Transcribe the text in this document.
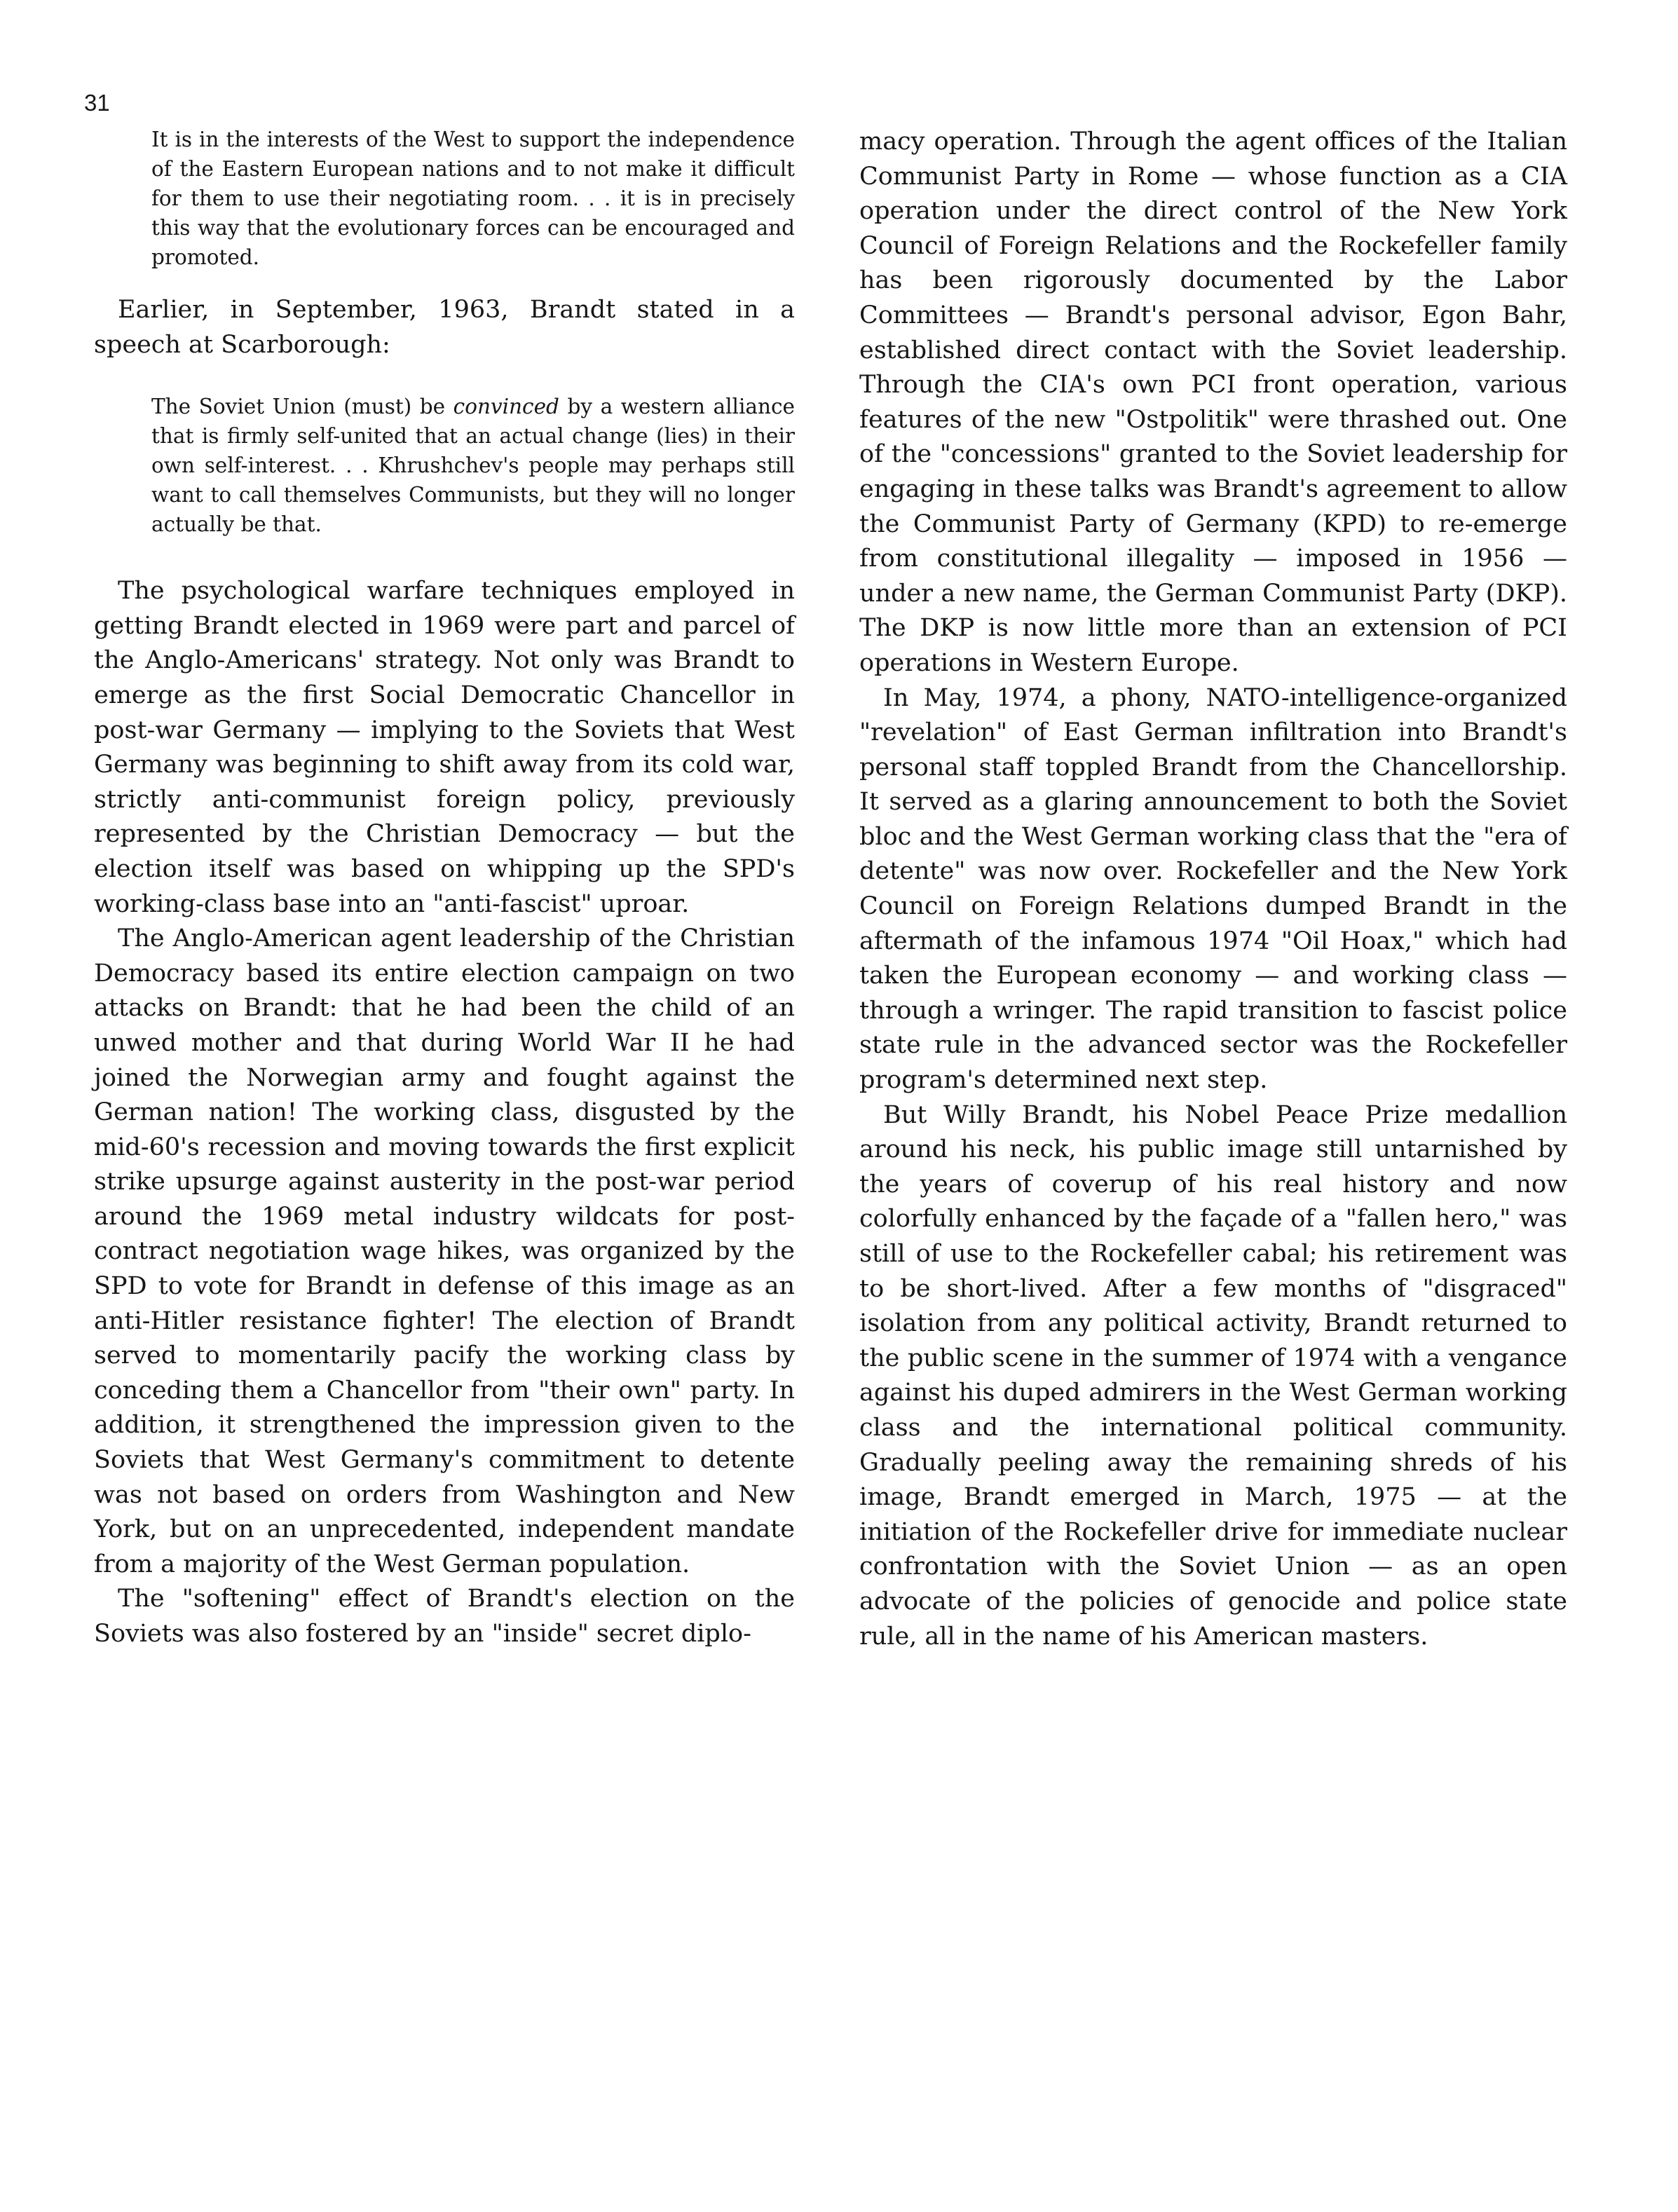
31

It is in the interests of the West to support the independence of the Eastern European nations and to not make it difficult for them to use their negotiating room. . . it is in precisely this way that the evolutionary forces can be encouraged and promoted.

Earlier, in September, 1963, Brandt stated in a speech at Scarborough:

The Soviet Union (must) be convinced by a western alliance that is firmly self-united that an actual change (lies) in their own self-interest. . . Khrushchev's people may perhaps still want to call themselves Communists, but they will no longer actually be that.

The psychological warfare techniques employed in getting Brandt elected in 1969 were part and parcel of the Anglo-Americans' strategy. Not only was Brandt to emerge as the first Social Democratic Chancellor in post-war Germany — implying to the Soviets that West Germany was beginning to shift away from its cold war, strictly anti-communist foreign policy, previously represented by the Christian Democracy — but the election itself was based on whipping up the SPD's working-class base into an "anti-fascist" uproar.

The Anglo-American agent leadership of the Christian Democracy based its entire election campaign on two attacks on Brandt: that he had been the child of an unwed mother and that during World War II he had joined the Norwegian army and fought against the German nation! The working class, disgusted by the mid-60's recession and moving towards the first explicit strike upsurge against austerity in the post-war period around the 1969 metal industry wildcats for post-contract negotiation wage hikes, was organized by the SPD to vote for Brandt in defense of this image as an anti-Hitler resistance fighter! The election of Brandt served to momentarily pacify the working class by conceding them a Chancellor from "their own" party. In addition, it strengthened the impression given to the Soviets that West Germany's commitment to detente was not based on orders from Washington and New York, but on an unprecedented, independent mandate from a majority of the West German population.

The "softening" effect of Brandt's election on the Soviets was also fostered by an "inside" secret diplo-

macy operation. Through the agent offices of the Italian Communist Party in Rome — whose function as a CIA operation under the direct control of the New York Council of Foreign Relations and the Rockefeller family has been rigorously documented by the Labor Committees — Brandt's personal advisor, Egon Bahr, established direct contact with the Soviet leadership. Through the CIA's own PCI front operation, various features of the new "Ostpolitik" were thrashed out. One of the "concessions" granted to the Soviet leadership for engaging in these talks was Brandt's agreement to allow the Communist Party of Germany (KPD) to re-emerge from constitutional illegality — imposed in 1956 — under a new name, the German Communist Party (DKP). The DKP is now little more than an extension of PCI operations in Western Europe.

In May, 1974, a phony, NATO-intelligence-organized "revelation" of East German infiltration into Brandt's personal staff toppled Brandt from the Chancellorship. It served as a glaring announcement to both the Soviet bloc and the West German working class that the "era of detente" was now over. Rockefeller and the New York Council on Foreign Relations dumped Brandt in the aftermath of the infamous 1974 "Oil Hoax," which had taken the European economy — and working class — through a wringer. The rapid transition to fascist police state rule in the advanced sector was the Rockefeller program's determined next step.

But Willy Brandt, his Nobel Peace Prize medallion around his neck, his public image still untarnished by the years of coverup of his real history and now colorfully enhanced by the façade of a "fallen hero," was still of use to the Rockefeller cabal; his retirement was to be short-lived. After a few months of "disgraced" isolation from any political activity, Brandt returned to the public scene in the summer of 1974 with a vengance against his duped admirers in the West German working class and the international political community. Gradually peeling away the remaining shreds of his image, Brandt emerged in March, 1975 — at the initiation of the Rockefeller drive for immediate nuclear confrontation with the Soviet Union — as an open advocate of the policies of genocide and police state rule, all in the name of his American masters.
